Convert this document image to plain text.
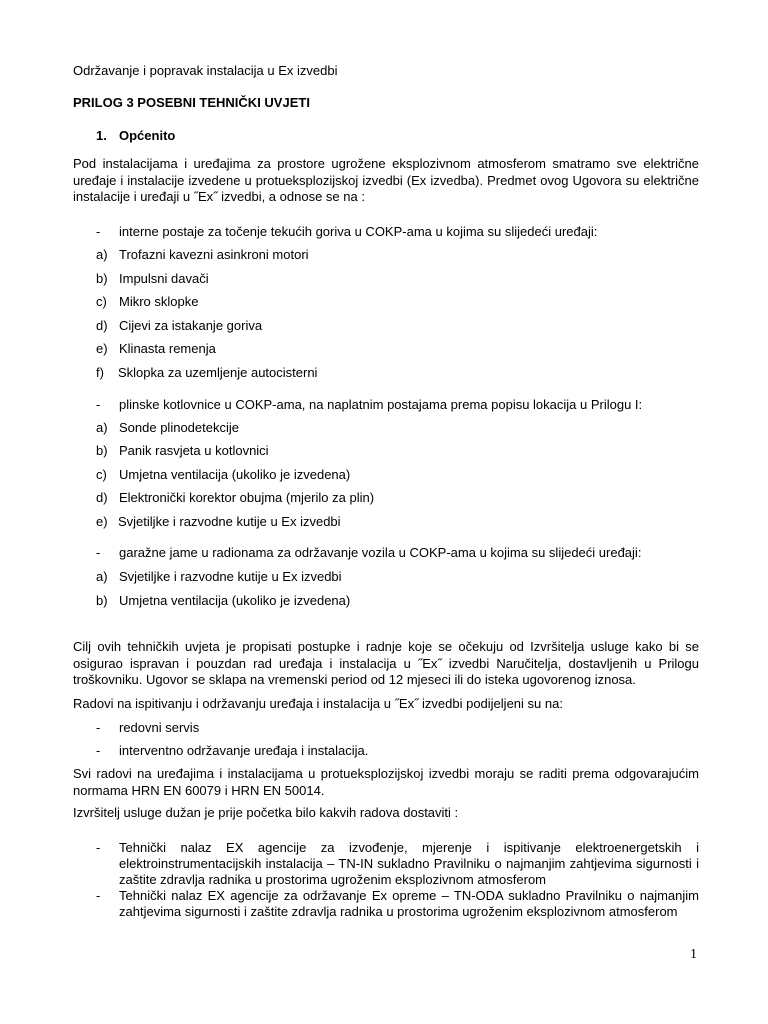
Održavanje i popravak instalacija u Ex izvedbi
PRILOG 3 POSEBNI TEHNIČKI UVJETI
1. Općenito
Pod instalacijama i uređajima za prostore ugrožene eksplozivnom atmosferom smatramo sve električne uređaje i instalacije izvedene u protueksplozijskoj izvedbi (Ex izvedba). Predmet ovog Ugovora su električne instalacije i uređaji u ˝Ex˝ izvedbi, a odnose se na :
-	interne postaje za točenje tekućih goriva u COKP-ama u kojima su slijedeći uređaji:
a) Trofazni kavezni asinkroni motori
b) Impulsni davači
c) Mikro sklopke
d) Cijevi za istakanje goriva
e) Klinasta remenja
f)	Sklopka za uzemljenje autocisterni
-	plinske kotlovnice u COKP-ama, na naplatnim postajama prema popisu lokacija u Prilogu I:
a) Sonde plinodetekcije
b) Panik rasvjeta u kotlovnici
c) Umjetna ventilacija (ukoliko je izvedena)
d) Elektronički korektor obujma (mjerilo za plin)
e) Svjetiljke i razvodne kutije u Ex izvedbi
-	garažne jame u radionama za održavanje vozila u COKP-ama u kojima su slijedeći uređaji:
a) Svjetiljke i razvodne kutije u Ex izvedbi
b) Umjetna ventilacija (ukoliko je izvedena)
Cilj ovih tehničkih uvjeta je propisati postupke i radnje koje se očekuju od Izvršitelja usluge kako bi se osigurao ispravan i pouzdan rad uređaja i instalacija u ˝Ex˝ izvedbi Naručitelja, dostavljenih u Prilogu troškovniku. Ugovor se sklapa na vremenski period od 12 mjeseci ili do isteka ugovorenog iznosa.
Radovi na ispitivanju i održavanju uređaja i instalacija u ˝Ex˝ izvedbi podijeljeni su na:
-	redovni servis
-	interventno održavanje uređaja i instalacija.
Svi radovi na uređajima i instalacijama u protueksplozijskoj izvedbi moraju se raditi prema odgovarajućim normama HRN EN 60079 i HRN EN 50014.
Izvršitelj usluge dužan je prije početka bilo kakvih radova dostaviti :
-	Tehnički nalaz EX agencije za izvođenje, mjerenje i ispitivanje elektroenergetskih i elektroinstrumentacijskih instalacija – TN-IN sukladno Pravilniku o najmanjim zahtjevima sigurnosti i zaštite zdravlja radnika u prostorima ugroženim eksplozivnom atmosferom
-	Tehnički nalaz EX agencije za održavanje Ex opreme – TN-ODA sukladno Pravilniku o najmanjim zahtjevima sigurnosti i zaštite zdravlja radnika u prostorima ugroženim eksplozivnom atmosferom
1
